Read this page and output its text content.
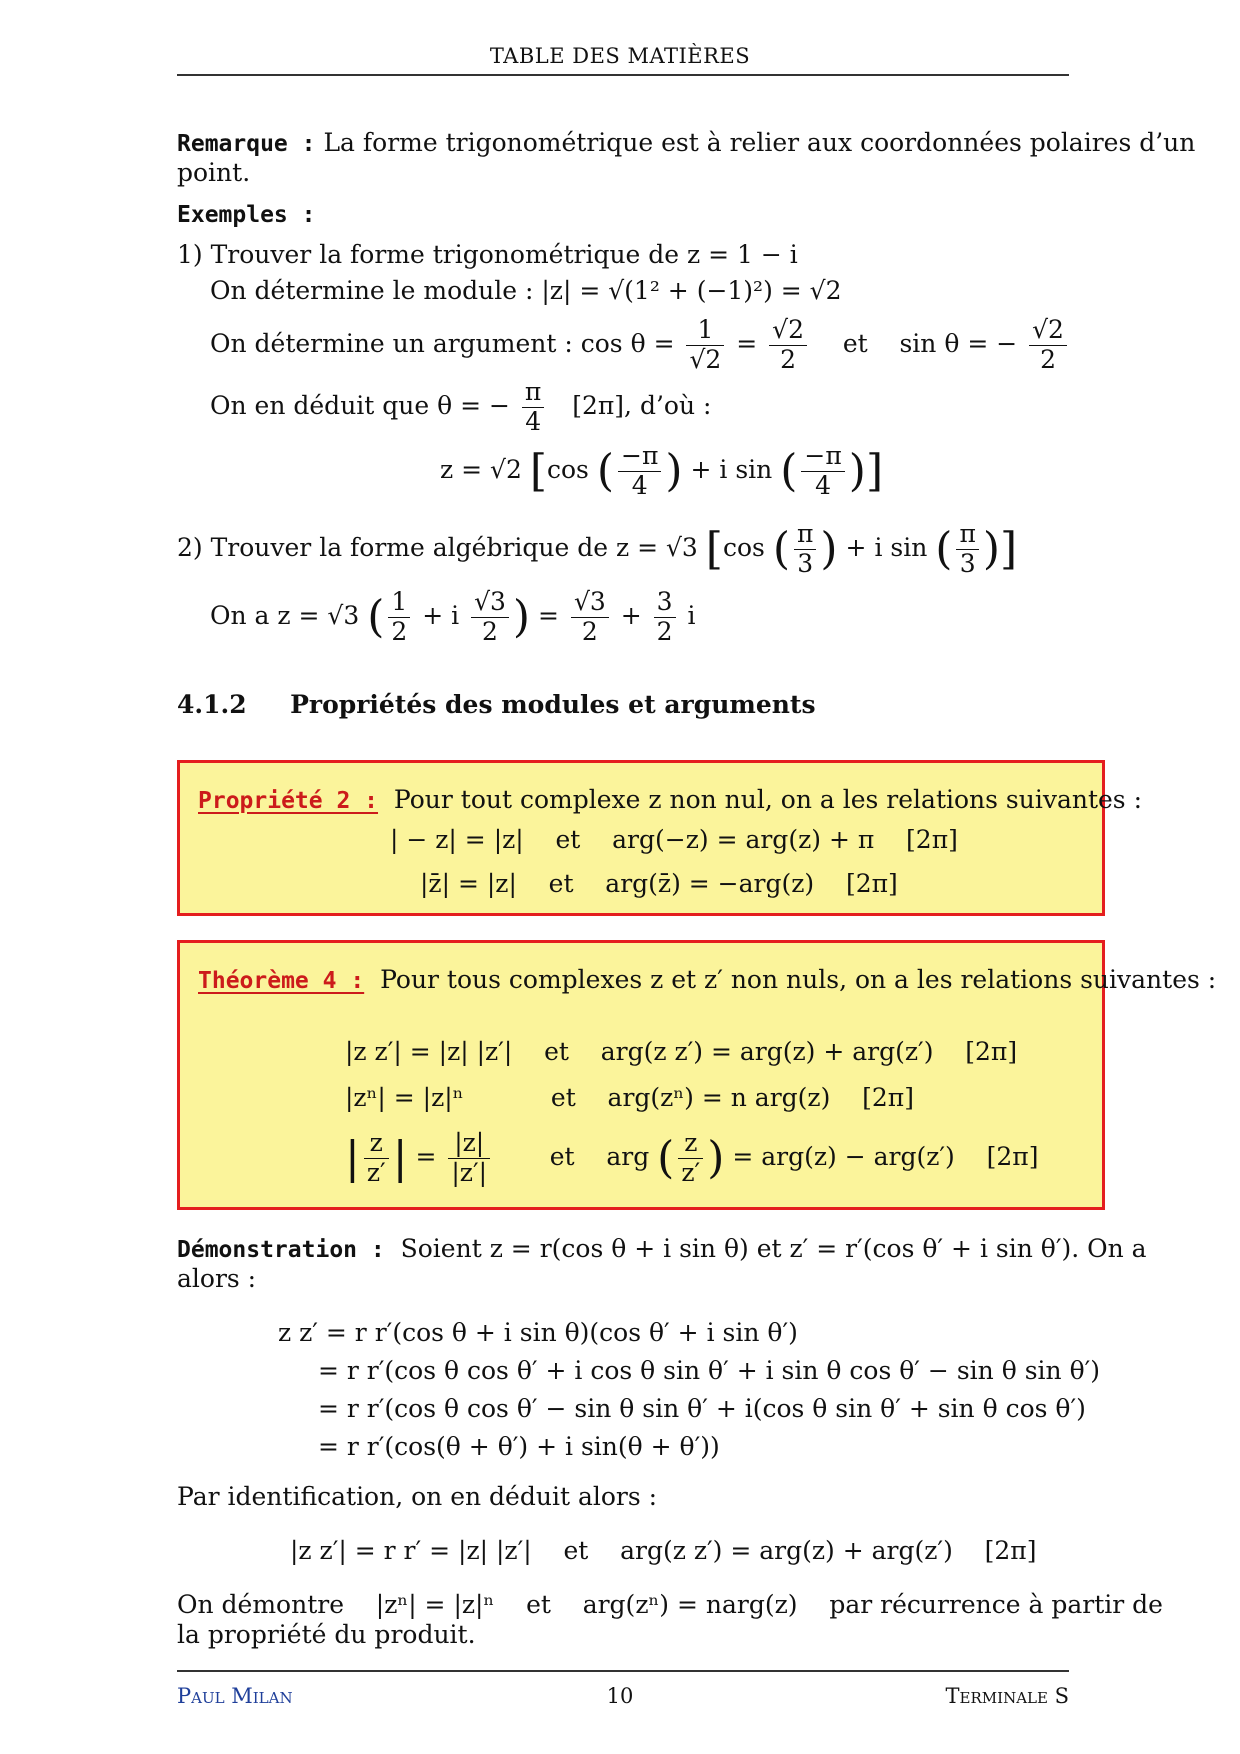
TABLE DES MATIÈRES
Remarque : La forme trigonométrique est à relier aux coordonnées polaires d’un
point.
Exemples :
1) Trouver la forme trigonométrique de z = 1 − i
On détermine le module : |z| = √(1² + (−1)²) = √2
On détermine un argument : $\cos \theta = \frac{1}{√2} = \frac{√2}{2}$ et sin θ = − $\frac{√2}{2}$
On en déduit que θ = − $\frac{\pi}{4} [2\pi]$, d’où :
z = √2 [cos ( $\frac{-\pi}{4}$ ) + i sin ( $\frac{-\pi}{4}$ )]
2) Trouver la forme algébrique de z = √3 [cos ( $\frac{\pi}{3}$ ) + i sin ( $\frac{\pi}{3}$ )]
On a z = √3 ( $\frac{1}{2} + i \frac{√3}{2}$ ) = $\frac{√3}{2} + \frac{3}{2}$ i
4.1.2 Propriétés des modules et arguments
Propriété 2 : Pour tout complexe z non nul, on a les relations suivantes :
| − z| = |z|    et    arg(−z) = arg(z) + π    [2π]
|z̄| = |z|    et    arg(z̄) = −arg(z)    [2π]
Théorème 4 : Pour tous complexes z et z′ non nuls, on a les relations suivantes :
|z z′| = |z| |z′|    et    arg(z z′) = arg(z) + arg(z′)    [2π]
|zⁿ| = |z|ⁿ           et    arg(zⁿ) = n arg(z)    [2π]
| $\frac{z}{z'}$ | = $\frac{|z|}{|z'|}$ et arg ( $\frac{z}{z'}$ ) = arg(z) − arg(z′)    [2π]
Démonstration : Soient z = r(cos θ + i sin θ) et z′ = r′(cos θ′ + i sin θ′). On a
alors :
z z′ = r r′(cos θ + i sin θ)(cos θ′ + i sin θ′)
= r r′(cos θ cos θ′ + i cos θ sin θ′ + i sin θ cos θ′ − sin θ sin θ′)
= r r′(cos θ cos θ′ − sin θ sin θ′ + i(cos θ sin θ′ + sin θ cos θ′)
= r r′(cos(θ + θ′) + i sin(θ + θ′))
Par identification, on en déduit alors :
|z z′| = r r′ = |z| |z′|    et    arg(z z′) = arg(z) + arg(z′)    [2π]
On démontre    |zⁿ| = |z|ⁿ    et    arg(zⁿ) = narg(z)    par récurrence à partir de
la propriété du produit.
Paul Milan	10	Terminale S
